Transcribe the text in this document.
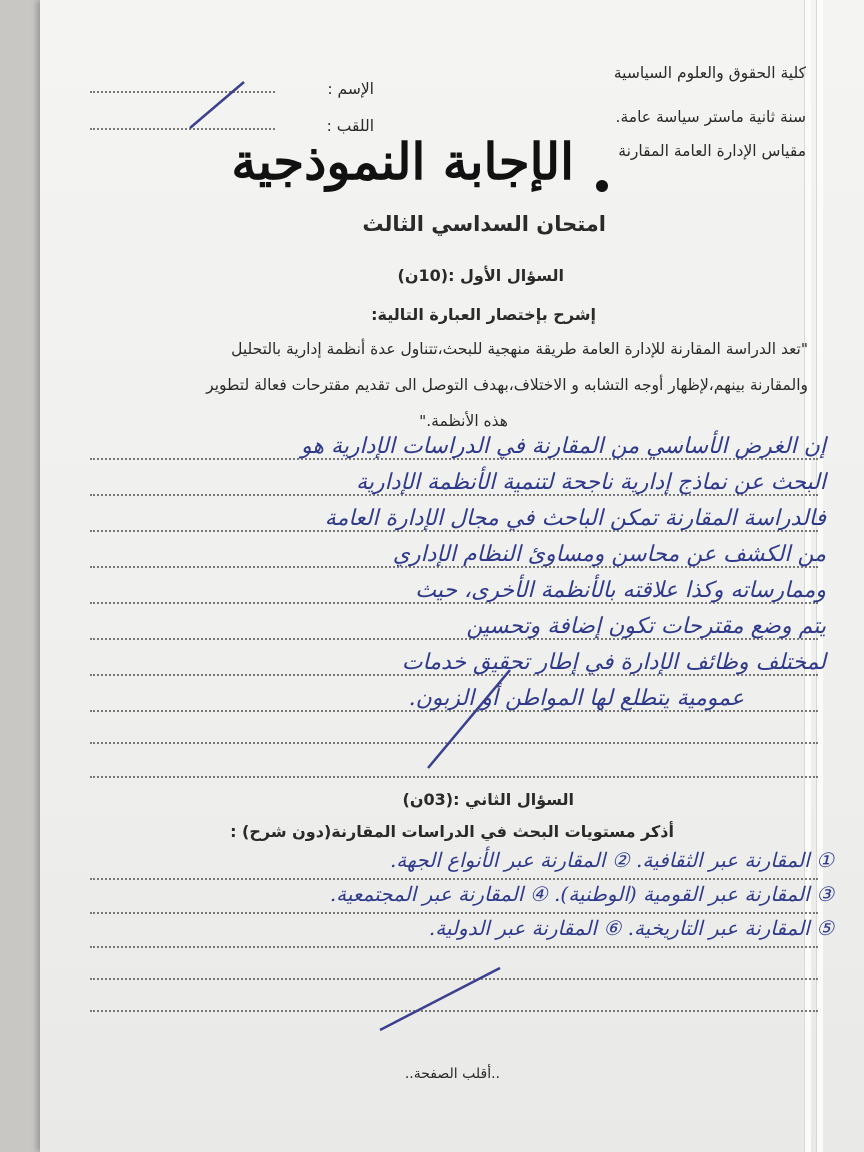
كلية الحقوق والعلوم السياسية
سنة ثانية ماستر سياسة عامة.
مقياس الإدارة العامة المقارنة
الإسم :
اللقب :
الإجابة النموذجية
امتحان السداسي الثالث
السؤال الأول :(10ن)
إشرح بإختصار العبارة التالية:
"تعد الدراسة المقارنة للإدارة العامة طريقة منهجية للبحث،تتناول عدة أنظمة إدارية بالتحليل
والمقارنة بينهم،لإظهار أوجه التشابه و الاختلاف،بهدف التوصل الى تقديم مقترحات فعالة لتطوير
هذه الأنظمة."
إن الغرض الأساسي من المقارنة في الدراسات الإدارية هو
البحث عن نماذج إدارية ناجحة لتنمية الأنظمة الإدارية
فالدراسة المقارنة تمكن الباحث في مجال الإدارة العامة
من الكشف عن محاسن ومساوئ النظام الإداري
وممارساته وكذا علاقته بالأنظمة الأخرى، حيث
يتم وضع مقترحات تكون إضافة وتحسين
لمختلف وظائف الإدارة في إطار تحقيق خدمات
عمومية يتطلع لها المواطن أو الزبون.
السؤال الثاني :(03ن)
أذكر مستويات البحث في الدراسات المقارنة(دون شرح) :
① المقارنة عبر الثقافية. ② المقارنة عبر الأنواع الجهة.
③ المقارنة عبر القومية (الوطنية). ④ المقارنة عبر المجتمعية.
⑤ المقارنة عبر التاريخية. ⑥ المقارنة عبر الدولية.
..أقلب الصفحة..
